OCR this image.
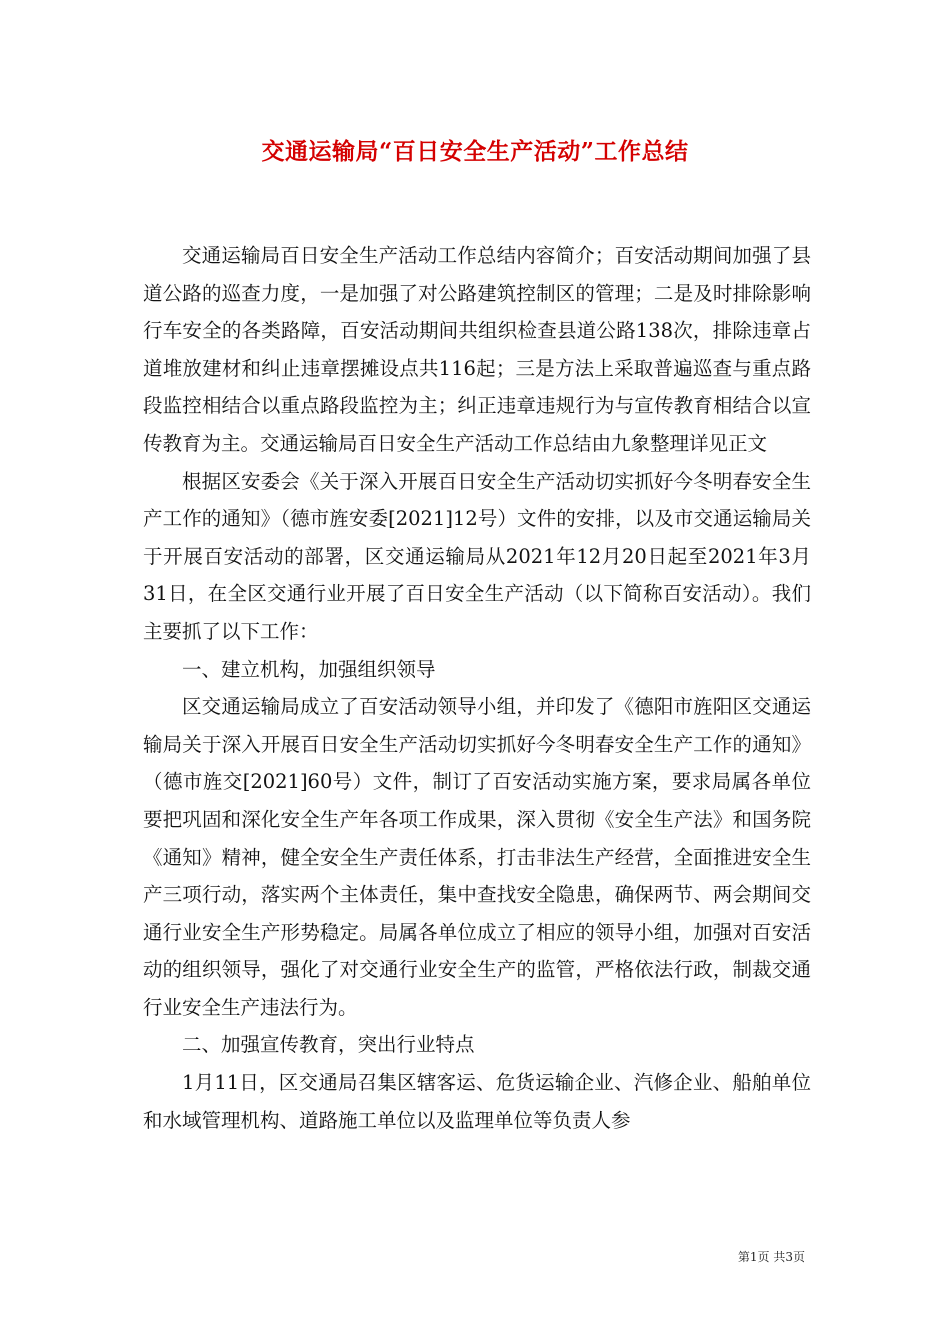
交通运输局“百日安全生产活动”工作总结

交通运输局百日安全生产活动工作总结内容简介；百安活动期间加强了县道公路的巡查力度，一是加强了对公路建筑控制区的管理；二是及时排除影响行车安全的各类路障，百安活动期间共组织检查县道公路138次，排除违章占道堆放建材和纠止违章摆摊设点共116起；三是方法上采取普遍巡查与重点路段监控相结合以重点路段监控为主；纠正违章违规行为与宣传教育相结合以宣传教育为主。交通运输局百日安全生产活动工作总结由九象整理详见正文

根据区安委会《关于深入开展百日安全生产活动切实抓好今冬明春安全生产工作的通知》（德市旌安委[2021]12号）文件的安排，以及市交通运输局关于开展百安活动的部署，区交通运输局从2021年12月20日起至2021年3月31日，在全区交通行业开展了百日安全生产活动（以下简称百安活动）。我们主要抓了以下工作：

一、建立机构，加强组织领导

区交通运输局成立了百安活动领导小组，并印发了《德阳市旌阳区交通运输局关于深入开展百日安全生产活动切实抓好今冬明春安全生产工作的通知》（德市旌交[2021]60号）文件，制订了百安活动实施方案，要求局属各单位要把巩固和深化安全生产年各项工作成果，深入贯彻《安全生产法》和国务院《通知》精神，健全安全生产责任体系，打击非法生产经营，全面推进安全生产三项行动，落实两个主体责任，集中查找安全隐患，确保两节、两会期间交通行业安全生产形势稳定。局属各单位成立了相应的领导小组，加强对百安活动的组织领导，强化了对交通行业安全生产的监管，严格依法行政，制裁交通行业安全生产违法行为。

二、加强宣传教育，突出行业特点

1月11日，区交通局召集区辖客运、危货运输企业、汽修企业、船舶单位和水域管理机构、道路施工单位以及监理单位等负责人参

第1页 共3页
